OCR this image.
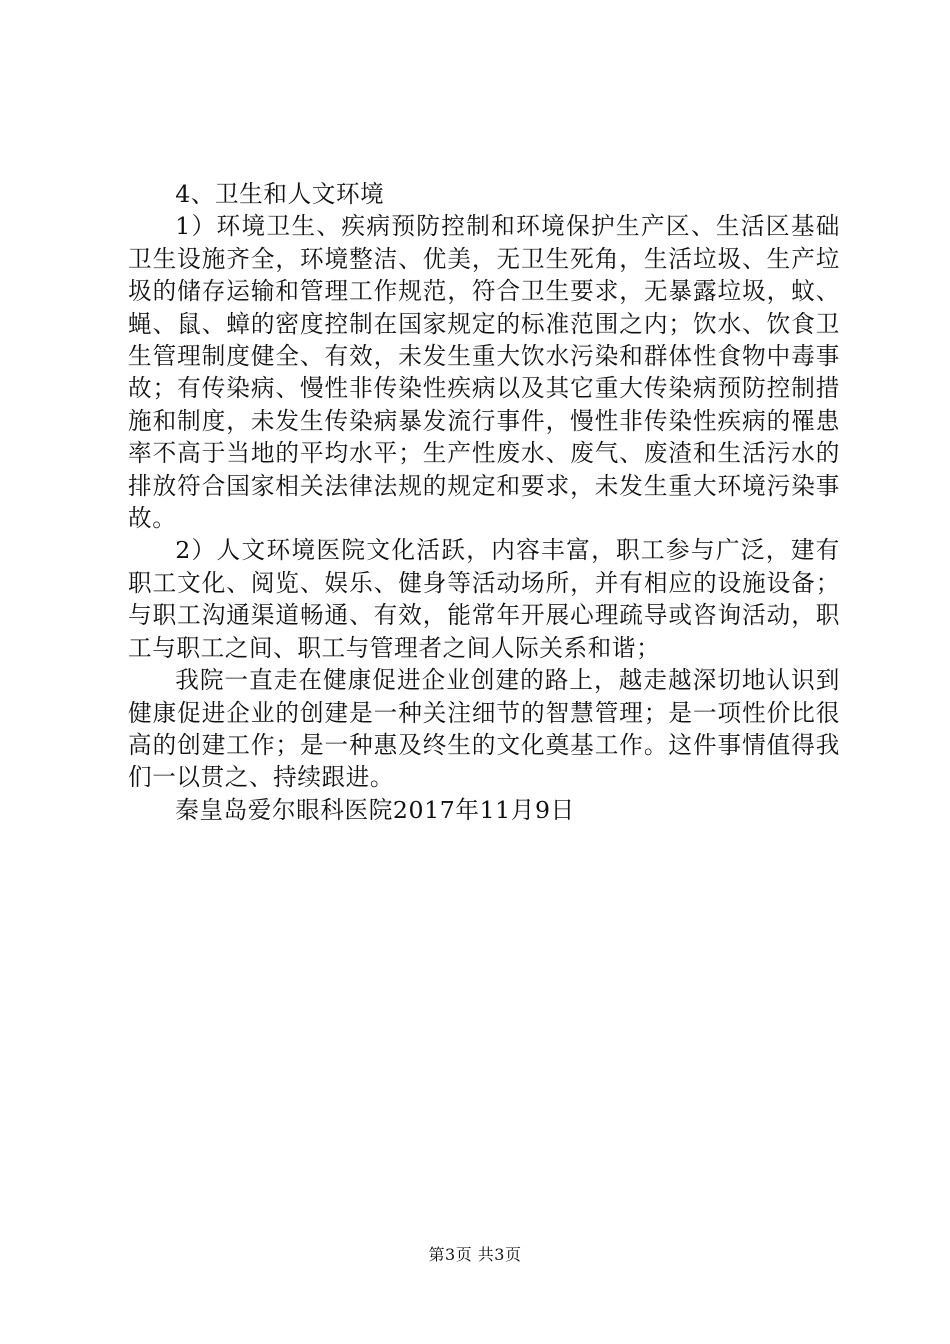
4、卫生和人文环境

1）环境卫生、疾病预防控制和环境保护生产区、生活区基础卫生设施齐全，环境整洁、优美，无卫生死角，生活垃圾、生产垃圾的储存运输和管理工作规范，符合卫生要求，无暴露垃圾，蚊、蝇、鼠、蟑的密度控制在国家规定的标准范围之内；饮水、饮食卫生管理制度健全、有效，未发生重大饮水污染和群体性食物中毒事故；有传染病、慢性非传染性疾病以及其它重大传染病预防控制措施和制度，未发生传染病暴发流行事件，慢性非传染性疾病的罹患率不高于当地的平均水平；生产性废水、废气、废渣和生活污水的排放符合国家相关法律法规的规定和要求，未发生重大环境污染事故。

2）人文环境医院文化活跃，内容丰富，职工参与广泛，建有职工文化、阅览、娱乐、健身等活动场所，并有相应的设施设备；与职工沟通渠道畅通、有效，能常年开展心理疏导或咨询活动，职工与职工之间、职工与管理者之间人际关系和谐；

我院一直走在健康促进企业创建的路上，越走越深切地认识到健康促进企业的创建是一种关注细节的智慧管理；是一项性价比很高的创建工作；是一种惠及终生的文化奠基工作。这件事情值得我们一以贯之、持续跟进。

秦皇岛爱尔眼科医院2017年11月9日

第3页 共3页
